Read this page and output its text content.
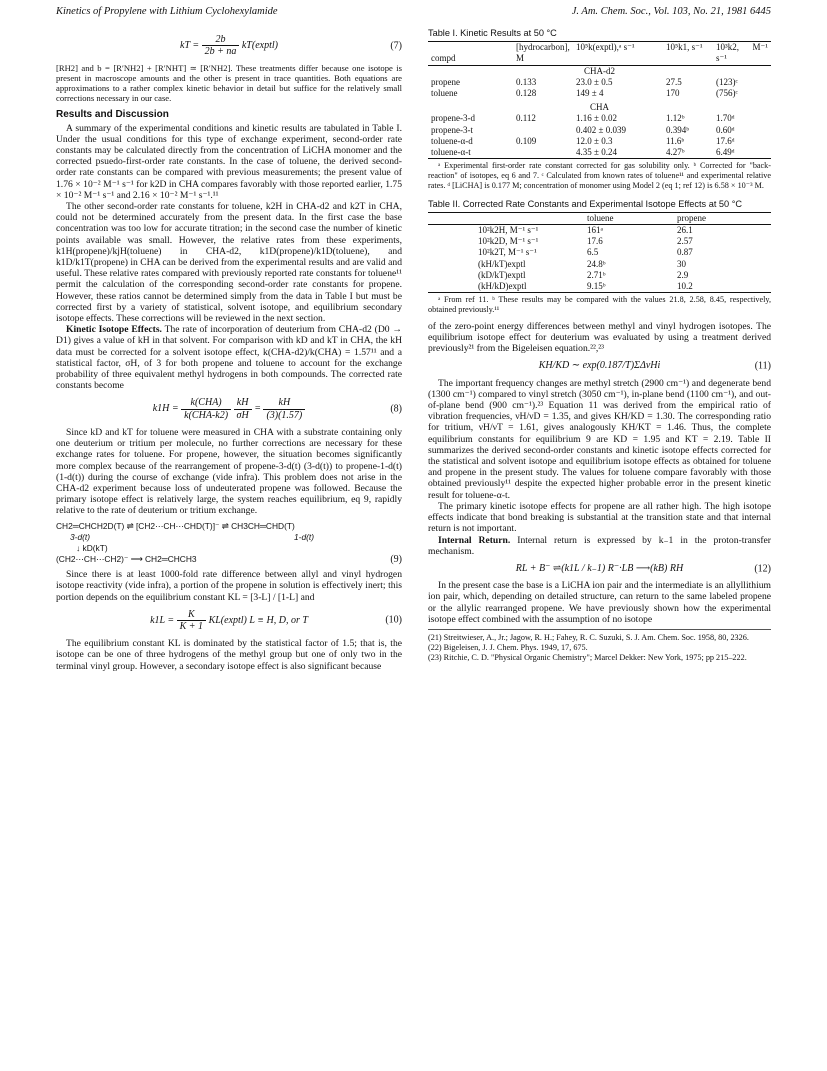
Kinetics of Propylene with Lithium Cyclohexylamide	J. Am. Chem. Soc., Vol. 103, No. 21, 1981 6445
kT = $\frac{2b}{2b + na}$ kT(exptl)	(7)

[RH2] and b = [R′NH2] + [R′NHT] ≃ [R′NH2]. These treatments differ because one isotope is present in macroscope amounts and the other is present in trace quantities. Both equations are approximations to a rather complex kinetic behavior in detail but suffice for the relatively small corrections necessary in our case.

Results and Discussion

A summary of the experimental conditions and kinetic results are tabulated in Table I. Under the usual conditions for this type of exchange experiment, second-order rate constants may be calculated directly from the concentration of LiCHA monomer and the corrected psuedo-first-order rate constants. In the case of toluene, the derived second-order rate constants can be compared with previous measurements; the present value of 1.76 × 10⁻² M⁻¹ s⁻¹ for k2D in CHA compares favorably with those reported earlier, 1.75 × 10⁻² M⁻¹ s⁻¹ and 2.16 × 10⁻² M⁻¹ s⁻¹.¹¹

The other second-order rate constants for toluene, k2H in CHA-d2 and k2T in CHA, could not be determined accurately from the present data. In the first case the base concentration was too low for accurate titration; in the second case the number of kinetic points available was small. However, the relative rates from these experiments, k1H(propene)/kjH(toluene) in CHA-d2, k1D(propene)/k1D(toluene), and k1D/k1T(propene) in CHA can be derived from the experimental results and are valid and useful. These relative rates compared with previously reported rate constants for toluene¹¹ permit the calculation of the corresponding second-order rate constants for propene. However, these ratios cannot be determined simply from the data in Table I but must be corrected first by a variety of statistical, solvent isotope, and equilibrium secondary isotope effects. These corrections will be reviewed in the next section.

Kinetic Isotope Effects. The rate of incorporation of deuterium from CHA-d2 (D0 → D1) gives a value of kH in that solvent. For comparison with kD and kT in CHA, the kH data must be corrected for a solvent isotope effect, k(CHA-d2)/k(CHA) = 1.57¹¹ and a statistical factor, σH, of 3 for both propene and toluene to account for the exchange probability of three equivalent methyl hydrogens in both compounds. The corrected rate constants become

$k1H = \frac{\text{k(CHA)}}{\text{k(CHA-k2)}}$
$\frac{kH}{\sigma H} = \frac{kH}{(3)(1.57)}$	(8)

Since kD and kT for toluene were measured in CHA with a substrate containing only one deuterium or tritium per molecule, no further corrections are necessary for these exchange rates for toluene. For propene, however, the situation becomes significantly more complex because of the rearrangement of propene-3-d(t) (3-d(t)) to propene-1-d(t) (1-d(t)) during the course of exchange (vide infra). This problem does not arise in the CHA-d2 experiment because loss of undeuterated propene was followed. Because the primary isotope effect is relatively large, the system reaches equilibrium, eq 9, rapidly relative to the rate of deuterium or tritium exchange.

CH2═CHCH2D(T) ⇌ [CH2⋯CH⋯CHD(T)]⁻ ⇌ CH3CH═CHD(T)
3-d(t)	1-d(t)
↓ kD(kT)
(CH2⋯CH⋯CH2)⁻ ⟶ CH2═CHCH3	(9)

Since there is at least 1000-fold rate difference between allyl and vinyl hydrogen isotope reactivity (vide infra), a portion of the propene in solution is effectively inert; this portion depends on the equilibrium constant KL = [3-L] / [1-L] and

$k1L = \frac{K}{K + 1}$ KL(exptl) L ≡ H, D, or T	(10)

The equilibrium constant KL is dominated by the statistical factor of 1.5; that is, the isotope can be one of three hydrogens of the methyl group but one of only two in the terminal vinyl group. However, a secondary isotope effect is also significant because

Table I. Kinetic Results at 50 °C
compd	[hydrocarbon], M	10⁵k(exptl),ᵃ s⁻¹	10⁵k1, s⁻¹	10³k2, M⁻¹ s⁻¹
CHA-d2				
propene	0.133	23.0 ± 0.5	27.5	(123)ᶜ
toluene	0.128	149 ± 4	170	(756)ᶜ
CHA				
propene-3-d	0.112	1.16 ± 0.02	1.12ᵇ	1.70ᵈ
propene-3-t		0.402 ± 0.039	0.394ᵇ	0.60ᵈ
toluene-α-d	0.109	12.0 ± 0.3	11.6ᵇ	17.6ᵈ
toluene-α-t		4.35 ± 0.24	4.27ᵇ	6.49ᵈ

ᵃ Experimental first-order rate constant corrected for gas solubility only. ᵇ Corrected for "back-reaction" of isotopes, eq 6 and 7. ᶜ Calculated from known rates of toluene¹¹ and experimental relative rates. ᵈ [LiCHA] is 0.177 M; concentration of monomer using Model 2 (eq 1; ref 12) is 6.58 × 10⁻³ M.

Table II. Corrected Rate Constants and Experimental Isotope Effects at 50 °C
	toluene	propene
10²k2H, M⁻¹ s⁻¹	161ᵃ	26.1
10²k2D, M⁻¹ s⁻¹	17.6	2.57
10²k2T, M⁻¹ s⁻¹	6.5	0.87
(kH/kT)exptl	24.8ᵇ	30
(kD/kT)exptl	2.71ᵇ	2.9
(kH/kD)exptl	9.15ᵇ	10.2

ᵃ From ref 11. ᵇ These results may be compared with the values 21.8, 2.58, 8.45, respectively, obtained previously.¹¹

of the zero-point energy differences between methyl and vinyl hydrogen isotopes. The equilibrium isotope effect for deuterium was evaluated by using a treatment derived previously²¹ from the Bigeleisen equation.²²,²³

KH/KD ∼ exp(0.187/T)ΣΔνHi	(11)

The important frequency changes are methyl stretch (2900 cm⁻¹) and degenerate bend (1300 cm⁻¹) compared to vinyl stretch (3050 cm⁻¹), in-plane bend (1100 cm⁻¹), and out-of-plane bend (900 cm⁻¹).²³ Equation 11 was derived from the empirical ratio of vibration frequencies, νH/νD = 1.35, and gives KH/KD = 1.30. The corresponding ratio for tritium, νH/νT = 1.61, gives analogously KH/KT = 1.46. Thus, the complete equilibrium constants for equilibrium 9 are KD = 1.95 and KT = 2.19. Table II summarizes the derived second-order constants and kinetic isotope effects corrected for the statistical and solvent isotope and equilibrium isotope effects as obtained for toluene and propene in the present study. The values for toluene compare favorably with those obtained previously¹¹ despite the expected higher probable error in the present kinetic result for toluene-α-t.

The primary kinetic isotope effects for propene are all rather high. The high isotope effects indicate that bond breaking is substantial at the transition state and that internal return is not important.

Internal Return. Internal return is expressed by k₋1 in the proton-transfer mechanism.

RL + B⁻ ⇌(k1L / k₋1) R⁻·LB ⟶(kB) RH	(12)

In the present case the base is a LiCHA ion pair and the intermediate is an allyllithium ion pair, which, depending on detailed structure, can return to the same labeled propene or the allylic rearranged propene. We have previously shown how the experimental isotope effect combined with the assumption of no isotope

(21) Streitwieser, A., Jr.; Jagow, R. H.; Fahey, R. C. Suzuki, S. J. Am. Chem. Soc. 1958, 80, 2326.
(22) Bigeleisen, J. J. Chem. Phys. 1949, 17, 675.
(23) Ritchie, C. D. "Physical Organic Chemistry"; Marcel Dekker: New York, 1975; pp 215–222.
